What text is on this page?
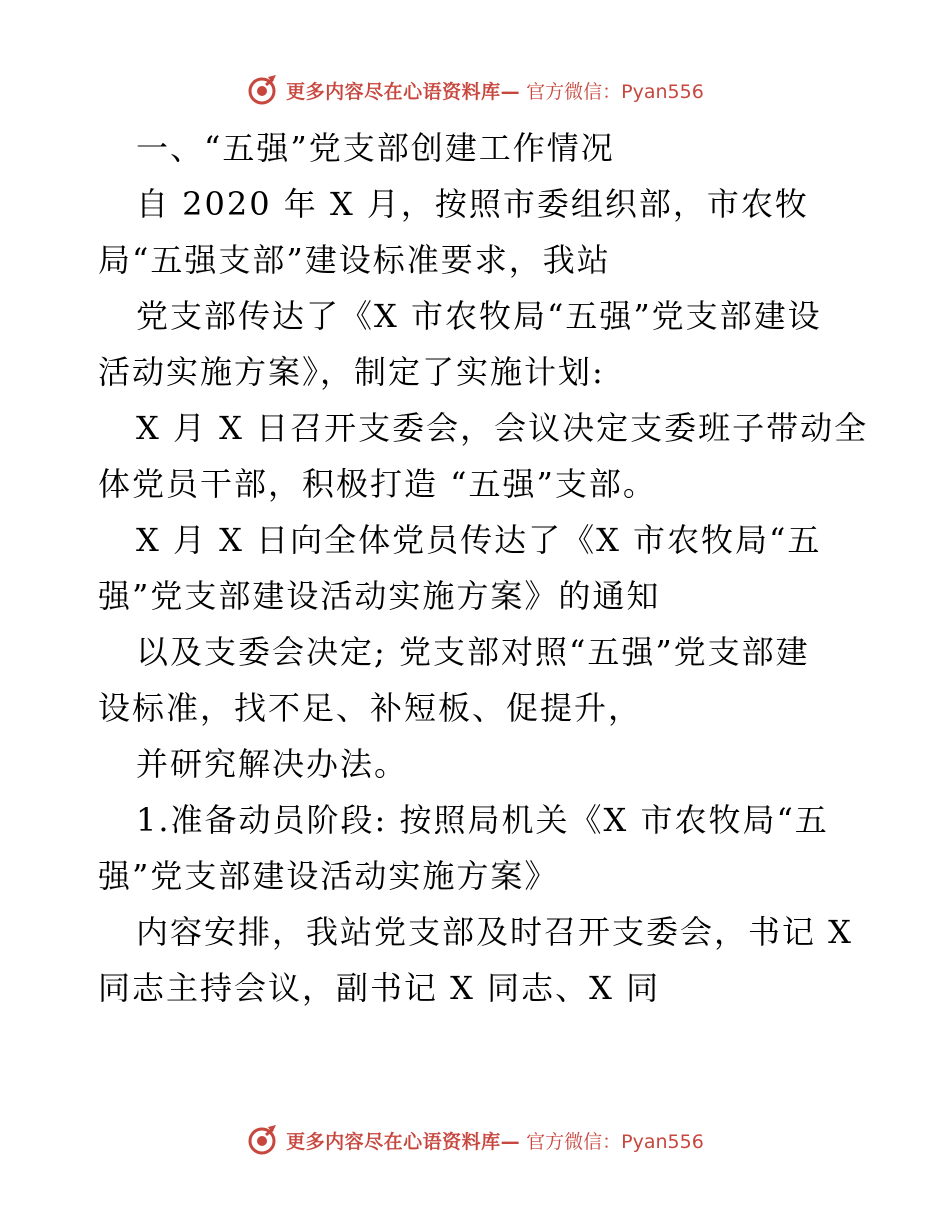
更多内容尽在心语资料库— 官方微信：Pyan556
一、“五强”党支部创建工作情况
自 2020 年 X 月，按照市委组织部，市农牧
局“五强支部”建设标准要求，我站
党支部传达了《X 市农牧局“五强”党支部建设
活动实施方案》，制定了实施计划:
X 月 X 日召开支委会，会议决定支委班子带动全
体党员干部，积极打造 “五强”支部。
X 月 X 日向全体党员传达了《X 市农牧局“五
强”党支部建设活动实施方案》的通知
以及支委会决定; 党支部对照“五强”党支部建
设标准，找不足、补短板、促提升，
并研究解决办法。
1.准备动员阶段: 按照局机关《X 市农牧局“五
强”党支部建设活动实施方案》
内容安排，我站党支部及时召开支委会，书记 X
同志主持会议，副书记 X 同志、X 同
更多内容尽在心语资料库— 官方微信：Pyan556
